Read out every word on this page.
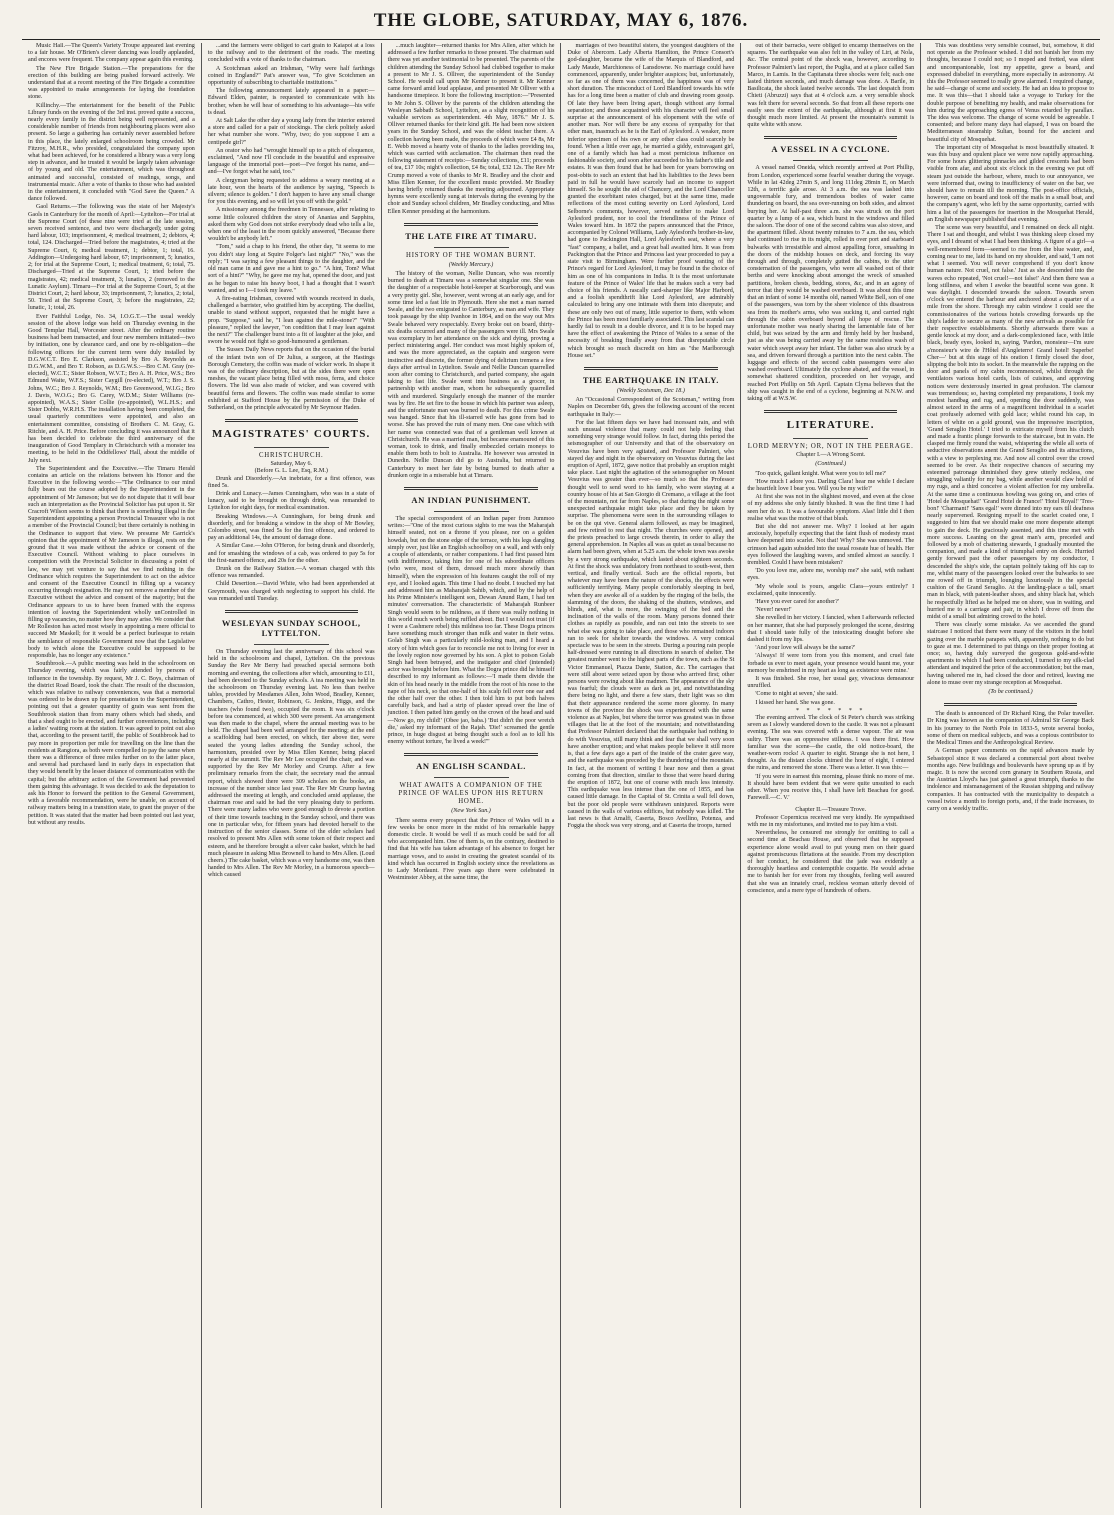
THE GLOBE, SATURDAY, MAY 6, 1876.

Music Hall.—The Queen's Variety Troupe appeared last evening to a fair house. Mr O'Brien's clever dancing was loudly applauded, and encores were frequent. The company appear again this evening.

The New Fire Brigade Station.—The preparations for the erection of this building are being pushed forward actively. We understand that at a recent meeting of the Fire Brigade a committee was appointed to make arrangements for laying the foundation stone.

Killinchy.—The entertainment for the benefit of the Public Library funds on the evening of the 3rd inst. proved quite a success, nearly every family in the district being well represented, and a considerable number of friends from neighbouring places were also present. So large a gathering has certainly never assembled before in this place, the lately enlarged schoolroom being crowded. Mr Fitzroy, M.H.R., who presided, congratulated the company upon what had been achieved, for he considered a library was a very long step in advance, and he trusted it would be largely taken advantage of by young and old. The entertainment, which was throughout animated and successful, consisted of readings, songs, and instrumental music. After a vote of thanks to those who had assisted in the entertainment, it concluded with "God Save the Queen." A dance followed.

Gaol Returns.—The following was the state of her Majesty's Gaols in Canterbury for the month of April:—Lyttelton—For trial at the Supreme Court (of these nine were tried at the late session, seven received sentence, and two were discharged); under going hard labour, 103; imprisonment, 4; medical treatment, 2; debtors, 4; total, 124. Discharged—Tried before the magistrates, 4; tried at the Supreme Court, 6; medical treatment, 1; debtor, 1; total, 16. Addington—Undergoing hard labour, 67; imprisonment, 5; lunatics, 2; for trial at the Supreme Court, 1; medical treatment, 6; total, 75. Discharged—Tried at the Supreme Court, 1; tried before the magistrates, 42; medical treatment, 3; lunatics, 2 (removed to the Lunatic Asylum). Timaru—For trial at the Supreme Court, 5; at the District Court, 2; hard labour, 33; imprisonment, 7; lunatics, 2; total, 50. Tried at the Supreme Court, 3; before the magistrates, 22; lunatic, 1; total, 26.

Ever Faithful Lodge, No. 34, I.O.G.T.—The usual weekly session of the above lodge was held on Thursday evening in the Good Templar Hall, Worcester street. After the ordinary routine business had been transacted, and four new members initiated—two by initiation, one by clearance card, and one by re-obligation—the following officers for the current term were duly installed by D.G.W.C.T. Bro E. Clarkson, assisted by Bro A. Reynolds as D.G.W.M., and Bro T. Robson, as D.G.W.S.:—Bro C.M. Gray (re-elected), W.C.T.; Sister Robson, W.V.T.; Bro A. H. Price, W.S.; Bro Edmund Waite, W.F.S.; Sister Caygill (re-elected), W.T.; Bro J. S. Johns, W.C.; Bro J. Reynolds, W.M.; Bro Greenwood, W.I.G.; Bro J. Davis, W.O.G.; Bro G. Carey, W.D.M.; Sister Williams (re-appointed), W.A.S.; Sister Collie (re-appointed), W.L.H.S.; and Sister Dobbs, W.R.H.S. The installation having been completed, the usual quarterly committees were appointed, and also an entertainment committee, consisting of Brothers C. M. Gray, G. Ritchie, and A. H. Price. Before concluding it was announced that it has been decided to celebrate the third anniversary of the inauguration of Good Templary in Christchurch with a monster tea meeting, to be held in the Oddfellows' Hall, about the middle of July next.

The Superintendent and the Executive.—The Timaru Herald contains an article on the relations between his Honor and the Executive in the following words:—"The Ordinance to our mind fully bears out the course adopted by the Superintendent in the appointment of Mr Jameson; but we do not dispute that it will bear such an interpretation as the Provincial Solicitor has put upon it. Sir Cracroft Wilson seems to think that there is something illegal in the Superintendent appointing a person Provincial Treasurer who is not a member of the Provincial Council; but there certainly is nothing in the Ordinance to support that view. We presume Mr Garrick's opinion that the appointment of Mr Jameson is illegal, rests on the ground that it was made without the advice or consent of the Executive Council. Without wishing to place ourselves in competition with the Provincial Solicitor in discussing a point of law, we may yet venture to say that we find nothing in the Ordinance which requires the Superintendent to act on the advice and consent of the Executive Council in filling up a vacancy occurring through resignation. He may not remove a member of the Executive without the advice and consent of the majority; but the Ordinance appears to us to have been framed with the express intention of leaving the Superintendent wholly unControlled in filling up vacancies, no matter how they may arise. We consider that Mr Rolleston has acted most wisely in appointing a mere official to succeed Mr Maskell; for it would be a perfect burlesque to retain the semblance of responsible Government now that the Legislative body to which alone the Executive could be supposed to be responsible, has no longer any existence."

Southbrook.—A public meeting was held in the schoolroom on Thursday evening, which was fairly attended by persons of influence in the township. By request, Mr J. C. Boys, chairman of the district Road Board, took the chair. The result of the discussion, which was relative to railway conveniences, was that a memorial was ordered to be drawn up for presentation to the Superintendent, pointing out that a greater quantity of grain was sent from the Southbrook station than from many others which had sheds, and that a shed ought to be erected, and further conveniences, including a ladies' waiting room at the station. It was agreed to point out also that, according to the present tariff, the public of Southbrook had to pay more in proportion per mile for travelling on the line than the residents at Rangiora, as both were compelled to pay the same when there was a difference of three miles further on to the latter place, and several had purchased land in early days in expectation that they would benefit by the lesser distance of communication with the capital; but the arbitrary action of the Government had prevented them gaining this advantage. It was decided to ask the deputation to ask his Honor to forward the petition to the General Government, with a favorable recommendation, were he unable, on account of railway matters being in a transition state, to grant the prayer of the petition. It was stated that the matter had been pointed out last year, but without any results.

...and the farmers were obliged to cart grain to Kaiapoi at a loss to the railway and to the detriment of the roads. The meeting concluded with a vote of thanks to the chairman.

A Scotchman asked an Irishman, "Why were half farthings coined in England?" Pat's answer was, "To give Scotchmen an opportunity of subscribing to charitable institutions."

The following announcement lately appeared in a paper:—Edward Elden, painter, is requested to communicate with his brother, when he will hear of something to his advantage—his wife is dead.

At Salt Lake the other day a young lady from the interior entered a store and called for a pair of stockings. The clerk politely asked her what number she wore. "Why, two; do you suppose I am a centipede girl?"

An orator who had "wrought himself up to a pitch of eloquence, exclaimed, "And now I'll conclude in the beautiful and expressive language of the immortal poet—poet—I've forgot his name, and—and—I've forgot what he said, too."

A clergyman being requested to address a weary meeting at a late hour, won the hearts of the audience by saying, "Speech is silvern; silence is golden." I don't happen to have any small change for you this evening, and so will let you off with the gold."

A missionary among the freedmen in Tennessee, after relating to some little coloured children the story of Ananias and Sapphira, asked them why God does not strike everybody dead who tells a lie, when one of the least in the room quickly answered, "Because there wouldn't be anybody left."

"Tom," said a chap to his friend, the other day, "it seems to me you didn't stay long at Squire Folger's last night?" "No," was the reply; "I was saying a few pleasant things to the daughter, and the old man came in and gave me a hint to go." "A hint, Tom? What sort of a hint?" "Why, he gave me my hat, opened the door, and just as he began to raise his heavy boot, I had a thought that I wasn't wanted, and so I—I took my leave."

A fire-eating Irishman, covered with wounds received in duels, challenged a barrister, who gratified him by accepting. The duellist, unable to stand without support, requested that he might have a prop. "Suppose," said he, "I lean against the mile-stone?" "With pleasure," replied the lawyer, "on condition that I may lean against the next?" The challenger burst into a fit of laughter at the joke, and swore he would not fight so good-humoured a gentleman.

The Sussex Daily News reports that on the occasion of the burial of the infant twin son of Dr Julius, a surgeon, at the Hastings Borough Cemetery, the coffin was made of wicker work. In shape it was of the ordinary description, but at the sides there were open meshes, the vacant place being filled with moss, ferns, and choice flowers. The lid was also made of wicker, and was covered with beautiful ferns and flowers. The coffin was made similar to some exhibited at Stafford House by the permission of the Duke of Sutherland, on the principle advocated by Mr Seymour Haden.

MAGISTRATES' COURTS.
CHRISTCHURCH.
Saturday, May 6.
(Before G. L. Lee, Esq, R.M.)

Drunk and Disorderly.—An inebriate, for a first offence, was fined 5s.

Drink and Lunacy.—James Cunningham, who was in a state of lunacy, said to be brought on through drink, was remanded to Lyttelton for eight days, for medical examination.

Breaking Windows.—A Cunningham, for being drunk and disorderly, and for breaking a window in the shop of Mr Bowley, Colombo street, was fined 5s for the first offence, and ordered to pay an additional 14s, the amount of damage done.

A Similar Case.—John O'Heron, for being drunk and disorderly, and for smashing the windows of a cab, was ordered to pay 5s for the first-named offence, and 20s for the other.

Drunk on the Railway Station.—A woman charged with this offence was remanded.

Child Desertion.—David White, who had been apprehended at Greymouth, was charged with neglecting to support his child. He was remanded until Tuesday.

WESLEYAN SUNDAY SCHOOL, LYTTELTON.

On Thursday evening last the anniversary of this school was held in the schoolroom and chapel, Lyttelton. On the previous Sunday the Rev Mr Berry had preached special sermons both morning and evening, the collections after which, amounting to £11, had been devoted to the Sunday schools. A tea meeting was held in the schoolroom on Thursday evening last. No less than twelve tables, provided by Mesdames Allen, John Wood, Bradley, Kenner, Chambers, Cathro, Hester, Robinson, G. Jenkins, Higgs, and the teachers (who found two), occupied the room. It was six o'clock before tea commenced, at which 300 were present. An arrangement was then made to the chapel, where the annual meeting was to be held. The chapel had been well arranged for the meeting; at the end a scaffolding had been erected, on which, tier above tier, were seated the young ladies attending the Sunday school, the harmonium, presided over by Miss Ellen Kenner, being placed nearly at the summit. The Rev Mr Lee occupied the chair, and was supported by the Rev Mr Morley and Crump. After a few preliminary remarks from the chair, the secretary read the annual report, which showed there were 309 scholars on the books, an increase of the number since last year. The Rev Mr Crump having addressed the meeting at length, and concluded amid applause, the chairman rose and said he had the very pleasing duty to perform. There were many ladies who were good enough to devote a portion of their time towards teaching in the Sunday school, and there was one in particular who, for fifteen years had devoted herself to the instruction of the senior classes. Some of the elder scholars had resolved to present Mrs Allen with some token of their respect and esteem, and he therefore brought a silver cake basket, which he had much pleasure in asking Miss Brownell to hand to Mrs Allen. (Loud cheers.) The cake basket, which was a very handsome one, was then handed to Mrs Allen. The Rev Mr Morley, in a humorous speech—which caused

...much laughter—returned thanks for Mrs Allen, after which he addressed a few further remarks to those present. The chairman said there was yet another testimonial to be presented. The parents of the children attending the Sunday School had clubbed together to make a present to Mr J. S. Olliver, the superintendent of the Sunday School. He would call upon Mr Kenner to present it. Mr Kenner came forward amid loud applause, and presented Mr Olliver with a handsome timepiece. It bore the following inscription:—"Presented to Mr John S. Olliver by the parents of the children attending the Wesleyan Sabbath School, Lyttelton, as a slight recognition of his valuable services as superintendent. 4th May, 1876." Mr J. S. Olliver returned thanks for their kind gift. He had been now sixteen years in the Sunday School, and was the oldest teacher there. A collection having been made, the proceeds of which were £4 8s, Mr E. Webb moved a hearty vote of thanks to the ladies providing tea, which was carried with acclamation. The chairman then read the following statement of receipts:—Sunday collections, £11; proceeds of tea, £17 10s; night's collection, £4 8s; total, £32 12s. The Rev Mr Crump moved a vote of thanks to Mr R. Bradley and the choir and Miss Ellen Kenner, for the excellent music provided. Mr Bradley having briefly returned thanks the meeting adjourned. Appropriate hymns were excellently sung at intervals during the evening by the choir and Sunday school children, Mr Bradley conducting, and Miss Ellen Kenner presiding at the harmonium.

THE LATE FIRE AT TIMARU.
HISTORY OF THE WOMAN BURNT.
(Weekly Mercury.)

The history of the woman, Nellie Duncan, who was recently burned to death at Timaru was a somewhat singular one. She was the daughter of a respectable hotel-keeper at Scarborough, and was a very pretty girl. She, however, went wrong at an early age, and for some time led a fast life in Plymouth. Here she met a man named Swale, and the two emigrated to Canterbury, as man and wife. They took passage by the ship Ivanhoe in 1864, and on the way out Mrs Swale behaved very respectably. Every broke out on board, thirty-six deaths occurred and many of the passengers were ill. Mrs Swale was exemplary in her attendance on the sick and dying, proving a perfect ministering angel. Her conduct was most highly spoken of, and was the more appreciated, as the captain and surgeon were instinctive and discrete, the former dying of delirium tremens a few days after arrival in Lyttelton. Swale and Nellie Duncan quarrelled soon after coming to Christchurch, and parted company, she again taking to fast life. Swale went into business as a grocer, in partnership with another man, whom he subsequently quarrelled with and murdered. Singularly enough the manner of the murder was by fire. He set fire to the house in which his partner was asleep, and the unfortunate man was burned to death. For this crime Swale was hanged. Since that his ill-starred wife has gone from bad to worse. She has proved the ruin of many men. One case which with her name was connected was that of a gentleman well known at Christchurch. He was a married man, but became enamoured of this woman, took to drink, and finally embezzled certain moneys to enable them both to bolt to Australia. He however was arrested in Dunedin. Nellie Duncan did go to Australia, but returned to Canterbury to meet her fate by being burned to death after a drunken orgie in a miserable hut at Timaru.

AN INDIAN PUNISHMENT.

The special correspondent of an Indian paper from Jummoo writes:—"One of the most curious sights to me was the Maharajah himself seated, not on a throne if you please, nor on a golden howdah, but on the stone edge of the terrace, with his legs dangling simply over, just like an English schoolboy on a wall, and with only a couple of attendants, or rather companions. I had first passed him with indifference, taking him for one of his subordinate officers (who were, most of them, dressed much more showily than himself), when the expression of his features caught the roll of my eye, and I looked again. This time I had no doubt. I touched my hat and addressed him as Maharajah Sahib, which, and by the help of his Prime Minister's intelligent son, Dewan Anund Ram, I had ten minutes' conversation. The characteristic of Maharajah Runbeer Singh would seem to be mildness, as if there was really nothing in this world much worth being ruffled about. But I would not trust (if I were a Cashmere rebel) this mildness too far. These Dogra princes have something much stronger than milk and water in their veins. Golab Singh was a particularly mild-looking man, and I heard a story of him which goes far to reconcile me not to living for ever in the lovely region now governed by his son. A plot to poison Golab Singh had been betrayed, and the instigator and chief (intended) actor was brought before him. What the Dogra prince did he himself described to my informant as follows:—'I made them divide the skin of his head nearly in the middle from the root of his nose to the nape of his neck, so that one-half of his scalp fell over one ear and the other half over the other. I then told him to put both halves carefully back, and had a strip of plaster spread over the line of junction. I then patted him gently on the crown of the head and said—Now go, my child!' (Obee jao, baba.) 'But didn't the poor wretch die,' asked my informant of the Rajah. 'Die!' screamed the gentle prince, in huge disgust at being thought such a fool as to kill his enemy without torture, 'he lived a week!'"

AN ENGLISH SCANDAL.
WHAT AWAITS A COMPANION OF THE PRINCE OF WALES UPON HIS RETURN HOME.
(New York Sun.)

There seems every prospect that the Prince of Wales will in a few weeks be once more in the midst of his remarkable happy domestic circle. It would be well if as much could be said for all who accompanied him. One of them is, on the contrary, destined to find that his wife has taken advantage of his absence to forget her marriage vows, and to assist in creating the greatest scandal of its kind which has occurred in English society since the revelations as to Lady Mordaunt. Five years ago there were celebrated in Westminster Abbey, at the same time, the

marriages of two beautiful sisters, the youngest daughters of the Duke of Abercorn. Lady Alberta Hamilton, the Prince Consort's god-daughter, became the wife of the Marquis of Blandford, and Lady Maude, Marchioness of Lansdowne. No marriage could have commenced, apparently, under brighter auspices; but, unfortunately, so far as one of them was concerned, the happiness was of very short duration. The misconduct of Lord Blandford towards his wife has for a long time been a matter of club and drawing room gossip. Of late they have been living apart, though without any formal separation; and those acquainted with his character will feel small surprise at the announcement of his elopement with the wife of another man. Nor will there be any excess of sympathy for that other man, inasmuch as he is the Earl of Aylesford. A weaker, more inferior specimen of his own or any other class could scarcely be found. When a little over age, he married a giddy, extravagant girl, one of a family which has had a most pernicious influence on fashionable society, and soon after succeeded to his father's title and estates. It was then found that he had been for years borrowing on post-obits to such an extent that had his liabilities to the Jews been paid in full he would have scarcely had an income to support himself. So he sought the aid of Chancery, and the Lord Chancellor granted the exorbitant rates charged, but at the same time, made reflections of the most cutting severity on Lord Aylesford, Lord Selborne's comments, however, served neither to make Lord Aylesford prudent, nor to cool the friendliness of the Prince of Wales toward him. In 1872 the papers announced that the Prince, accompanied by Colonel Williams, Lady Aylesford's brother-in-law, had gone to Packington Hall, Lord Aylesford's seat, where a very "fast" company, a ballet, and a great ball awaited him. It was from Packington that the Prince and Princess last year proceeded to pay a state visit to Birmingham. Were further proof wanting of the Prince's regard for Lord Aylesford, it may be found in the choice of him as one of his companions in India. It is the most unfortunate feature of the Prince of Wales' life that he makes such a very bad choice of his friends. A rascally card-sharper like Major Harbord, and a foolish spendthrift like Lord Aylesford, are admirably calculated to bring any one intimate with them into disrepute; and these are only two out of many, little superior to them, with whom the Prince has been most familiarly associated. This last scandal can hardly fail to result in a double divorce, and it is to be hoped may have the effect of awakening the Prince of Wales to a sense of the necessity of breaking finally away from that disreputable circle which brought so much discredit on him as "the Marlborough House set."

THE EARTHQUAKE IN ITALY.
(Weekly Scotsman, Dec 18.)

An "Occasional Correspondent of the Scotsman," writing from Naples on December 6th, gives the following account of the recent earthquake in Italy:—

For the last fifteen days we have had incessant rain, and with such unusual violence that many could not help feeling that something very strange would follow. In fact, during this period the seismographer of our University and that of the observatory on Vesuvius have been very agitated, and Professor Palmieri, who stayed day and night in the observatory on Vesuvius during the last eruption of April, 1872, gave notice that probably an eruption might take place. Last night the agitation of the seismographer on Mount Vesuvius was greater than ever—so much so that the Professor thought well to send word to his family, who were staying at a country house of his at San Giorgio di Cremano, a village at the foot of the mountain, not far from Naples, so that during the night some unexpected earthquake might take place and they be taken by surprise. The phenomena were seen in the surrounding villages to be on the qui vive. General alarm followed, as may be imagined, and few retired to rest that night. The churches were opened, and the priests preached to large crowds therein, in order to allay the general apprehension. In Naples all was as quiet as usual because no alarm had been given, when at 5.25 a.m. the whole town was awoke by a very strong earthquake, which lasted about eighteen seconds. At first the shock was undulatory from northeast to south-west, then vertical, and finally vertical. Such are the official reports, but whatever may have been the nature of the shocks, the effects were sufficiently terrifying. Many people comfortably sleeping in bed, when they are awoke all of a sudden by the ringing of the bells, the slamming of the doors, the shaking of the shutters, windows, and blinds, and, what is more, the swinging of the bed and the inclination of the walls of the room. Many persons donned their clothes as rapidly as possible, and ran out into the streets to see what else was going to take place, and those who remained indoors ran to seek for shelter towards the windows. A very comical spectacle was to be seen in the streets. During a pouring rain people half-dressed were running in all directions in search of shelter. The greatest number went to the highest parts of the town, such as the St Victor Emmanuel, Piazza Dante, Station, &c. The carriages that were still about were seized upon by those who arrived first; other persons were rowing about like madmen. The appearance of the sky was fearful; the clouds were as dark as jet, and notwithstanding there being no light, and there a few stars, their light was so dim that their appearance rendered the scene more gloomy. In many towns of the province the shock was experienced with the same violence as at Naples, but where the terror was greatest was in those villages that lie at the foot of the mountain; and notwithstanding that Professor Palmieri declared that the earthquake had nothing to do with Vesuvius, still many think and fear that we shall very soon have another eruption; and what makes people believe it still more is, that a few days ago a part of the inside of the crater gave way, and the earthquake was preceded by the thundering of the mountain. In fact, at the moment of writing I hear now and then a great coming from that direction, similar to those that were heard during the eruption of 1872, but one of course with much less intensity. This earthquake was less intense than the one of 1855, and has caused little damage. In the Capital of St. Crinita a wall fell down, but the poor old people were withdrawn uninjured. Reports were caused in the walls of various edifices, but nobody was killed. The last news is that Amalfi, Caserta, Bosco Avellino, Potenza, and Foggia the shock was very strong, and at Caserta the troops, turned

out of their barracks, were obliged to encamp themselves on the squares. The earthquake was also felt in the valley of Liri, at Nola, &c. The central point of the shock was, however, according to Professor Palmieri's last report, the Puglia, and at a place called San Marco, in Lamis. In the Capitanata three shocks were felt; each one lasted thirteen seconds, and much damage was done. A Barile, in Basilicata, the shock lasted twelve seconds. The last despatch from Chieti (Abruzzi) says that at 4 o'clock a.m. a very sensible shock was felt there for several seconds. So that from all these reports one easily sees the extent of the earthquake, although at first it was thought much more limited. At present the mountain's summit is quite white with snow.

A VESSEL IN A CYCLONE.

A vessel named Oneida, which recently arrived at Port Phillip, from London, experienced some fearful weather during the voyage. While in lat 42deg 27min S, and long 111deg 28min E, on March 12th, a terrific gale arose. At 3 a.m. the sea was lashed into ungovernable fury, and tremendous bodies of water came thundering on board, the sea over-running on both sides, and almost burying her. At half-past three a.m. she was struck on the port quarter by a lump of a sea, which burst in the windows and filled the saloon. The door of one of the second cabins was also stove, and the apartment filled. About twenty minutes to 7 a.m. the sea, which had continued to rise in its might, rolled in over port and starboard bulwarks with irresistible and almost appalling force, smashing in the doors of the midship houses on deck, and forcing its way through and through, completely gutted the cabins, to the utter consternation of the passengers, who were all washed out of their berths and were knocking about amongst the wreck of smashed partitions, broken chests, bedding, stores, &c, and in an agony of terror that they would be washed overboard. It was about this time that an infant of some 14 months old, named White Bell, son of one of the passengers, was torn by the sheer violence of this disastrous sea from its mother's arms, who was sucking it, and carried right through the cabin overboard beyond all hope of rescue. The unfortunate mother was nearly sharing the lamentable fate of her child, but was seized by the arm and firmly held by her husband, just as she was being carried away by the same resistless wash of water which swept away her infant. The father was also struck by a sea, and driven forward through a partition into the next cabin. The luggage and effects of the second cabin passengers were also washed overboard. Ultimately the cyclone abated, and the vessel, in somewhat shattered condition, proceeded on her voyage, and reached Port Phillip on 5th April. Captain Clyma believes that the ship was caught in the end of a cyclone, beginning at N.N.W. and taking off at W.S.W.

LITERATURE.
LORD MERVYN; OR, NOT IN THE PEERAGE.
Chapter I.—A Wrong Scent.
(Continued.)

'Too quick, gallant knight. What were you to tell me?'

'How much I adore you. Darling Clara! hear me while I declare the heartfelt love I bear you. Will you be my wife?'

At first she was not in the slightest moved, and even at the close of my address she only faintly blushed. It was the first time I had seen her do so. It was a favourable symptom. Alas! little did I then realise what was the motive of that blush.

But she did not answer me. Why? I looked at her again anxiously, hopefully expecting that the faint flush of modesty must have deepened into scarlet. Not that! Why? She was unmoved. The crimson had again subsided into the usual roseate hue of health. Her eyes followed the laughing waves, and smiled almost as saucily. I trembled. Could I have been mistaken?

'Do you love me, adore me, worship me?' she said, with radiant eyes.

'My whole soul is yours, angelic Clara—yours entirely!' I exclaimed, quite innocently.

'Have you ever cared for another?'

'Never! never!'

She revelled in her victory. I fancied, when I afterwards reflected on her manner, that she had purposely prolonged the scene, desiring that I should taste fully of the intoxicating draught before she dashed it from my lips.

'And your love will always be the same?'

'Always! If were torn from you this moment, and cruel fate forbade us ever to meet again, your presence would haunt me, your memory be enshrined in my heart as long as existence were mine.'

It was finished. She rose, her usual gay, vivacious demeanour unruffled.

'Come to night at seven,' she said.

I kissed her hand. She was gone.

* * * * * * *

The evening arrived. The clock of St Peter's church was striking seven as I slowly wandered down to the castle. It was not a pleasant evening. The sea was covered with a dense vapour. The air was sultry. There was an oppressive stillness. I was there first. How familiar was the scene—the castle, the old notice-board, the weather-worn rocks! A quarter to eight. Strange she is not here, I thought. As the distant clocks chimed the hour of eight, I entered the ruins, and removed the stone. There was a letter. It was this:—

'If you were in earnest this morning, please think no more of me. It should have been evident that we were quite unsuited to each other. When you receive this, I shall have left Beachau for good. Farewell.—C. V.'

Chapter II.—Treasure Trove.

Professor Copernicus received me very kindly. He sympathised with me in my misfortunes, and invited me to pay him a visit.

Nevertheless, he censured me strongly for omitting to call a second time at Beachau House, and observed that he supposed experience alone would avail to put young men on their guard against promiscuous flirtations at the seaside. From my description of her conduct, he considered that the jade was evidently a thoroughly heartless and contemptible coquette. He would advise me to banish her for ever from my thoughts, feeling well assured that she was an innately cruel, reckless woman utterly devoid of conscience, and a mere type of hundreds of others.

This was doubtless very sensible counsel, but, somehow, it did not operate as the Professor wished. I did not banish her from my thoughts, because I could not; so I moped and fretted, was silent and uncompanionable, lost my appetite, grew a beard, and expressed disbelief in everything, more especially in astronomy. At this the Professor seemed to really grow alarmed. I required change, he said—change of scene and society. He had an idea to propose to me. It was this—that I should take a voyage to Turkey for the double purpose of benefiting my health, and make observations for him during the approaching egress of Venus retarded by parallax. The idea was welcome. The change of scene would be agreeable. I consented; and before many days had elapsed, I was on board the Mediterranean steamship Sultan, bound for the ancient and beautiful city of Mosquehat.

The important city of Mosquehat is most beautifully situated. It was this busy and opulent place we were now rapidly approaching. For some hours glittering pinnacles and gilded crescents had been visible from afar, and about six o'clock in the evening we put off steam just outside the harbour, where, much to our annoyance, we were informed that, owing to insufficiency of water on the bar, we should have to remain till the morning. The post-office officials, however, came on board and took off the mails in a small boat, and the company's agent, who left by the same opportunity, carried with him a list of the passengers for insertion in the Mosquehat Herald, an English newspaper published that evening.

The scene was very beautiful, and I remained on deck all night. There I sat and thought, and whilst I was thinking sleep closed my eyes, and I dreamt of what I had been thinking. A figure of a girl—a well-remembered form—seemed to rise from the blue water, and, coming near to me, laid its hand on my shoulder, and said, 'I am not what I seemed. You will never comprehend if you don't know human nature. Not cruel, not false.' Just as she descended into the waves echo repeated, 'Not cruel!—not false!' And then there was a long stillness, and when I awoke the beautiful scene was gone. It was daylight. I descended towards the saloon. Towards seven o'clock we entered the harbour and anchored about a quarter of a mile from the shore. Through my cabin window I could see the commissionaires of the various hotels crowding forwards up the ship's ladder to secure as many of the new arrivals as possible for their respective establishments. Shortly afterwards there was a gentle knock at my door, and a dark-complexioned face, with little black, beady eyes, looked in, saying, 'Pardon, monsieur—I'm sure a'monsieur's wire de l'Hôtel d'Angleterre! Grand hotel! Superbe! Cher—' but at this stage of his oration I firmly closed the door, slipping the bolt into its socket. In the meanwhile the rapping on the door and panels of my cabin recommenced, whilst through the ventilators various hotel cards, lists of cuisines, and approving notices were dexterously inserted in great profusion. The clamour was tremendous; so, having completed my preparations, I took my modest handbag and rug, and, opening the door suddenly, was almost seized in the arms of a magnificent individual in a scarlet coat profusely adorned with gold lace; whilst round his cap, in letters of white on a gold ground, was the impressive inscription, 'Grand Seraglio Hotel.' I tried to extricate myself from his clutch and made a frantic plunge forwards to the staircase, but in vain. He clasped me firmly round the waist, whispering the while all sorts of seductive observations anent the Grand Seraglio and its attractions, with a view to perplexing me. And now all control over the crowd seemed to be over. As their respective chances of securing my esteemed patronage diminished they grew utterly reckless, one struggling valiantly for my bag, while another would claw hold of my rugs, and a third conceive a violent affection for my umbrella. At the same time a continuous howling was going on, and cries of 'Hotel de Mosquehat!' 'Grand Hotel de France!' 'Hotel Royal!' 'Tres-bon!' 'Charmant!' 'Sans egal!' were dinned into my ears till deafness nearly supervened. Resigning myself to the scarlet coated one, I suggested to him that we should make one more desperate attempt to gain the deck. He graciously assented, and this time met with more success. Leaning on the great man's arm, preceded and followed by a mob of chattering stewards, I gradually mounted the companion, and made a kind of triumphal entry on deck. Hurried gently forward past the other passengers by my conductor, I descended the ship's side, the captain politely taking off his cap to me, whilst many of the passengers looked over the bulwarks to see me rowed off in triumph, lounging luxuriously in the special cushion of the Grand Seraglio. At the landing-place a tall, smart man in black, with patent-leather shoes, and shiny black hat, which he respectfully lifted as he helped me on shore, was in waiting, and hurried me to a carriage and pair, in which I drove off from the midst of a small but admiring crowd to the hotel.

There was clearly some mistake. As we ascended the grand staircase I noticed that there were many of the visitors in the hotel gazing over the marble parapets with, apparently, nothing to do but to gaze at me. I determined to put things on their proper footing at once; so, having duly surveyed the gorgeous gold-and-white apartments to which I had been conducted, I turned to my silk-clad attendant and inquired the price of the accommodation; but the man, having ushered me in, had closed the door and retired, leaving me alone to muse over my strange reception at Mosquehat.

(To be continued.)

The death is announced of Dr Richard King, the Polar traveller. Dr King was known as the companion of Admiral Sir George Back in his journey to the North Pole in 1833-5, wrote several books, some of them on medical subjects, and was a copious contributor to the Medical Times and the Anthropological Review.

A German paper comments on the rapid advances made by Sebastopol since it was declared a commercial port about twelve months ago. New buildings and boulevards have sprung up as if by magic. It is now the second corn granary in Southern Russia, and the Austrian Lloyd's has just gained a great triumph, thanks to the indolence and mismanagement of the Russian shipping and railway companies. It has contracted with the municipality to despatch a vessel twice a month to foreign ports, and, if the trade increases, to carry on a weekly traffic.
